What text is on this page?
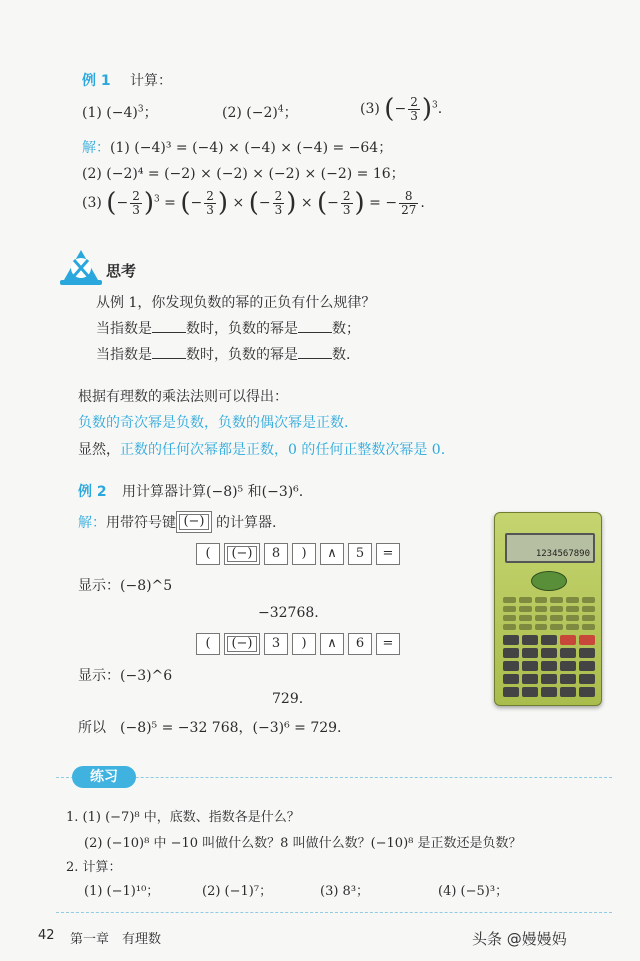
例 1 计算：
(1) $(-4)^3$；	(2) $(-2)^4$；	(3) (− $\frac{2}{3} )^3$.
解：(1) (−4)³ = (−4) × (−4) × (−4) = −64；
(2) (−2)⁴ = (−2) × (−2) × (−2) × (−2) = 16；
(3) (− $\frac{2}{3} )^3$ = (− $\frac{2}{3}$ ) × (− $\frac{2}{3}$ ) × (− $\frac{2}{3}$ ) = − $\frac{8}{27}$ .
思考
从例 1，你发现负数的幂的正负有什么规律？
当指数是 数时，负数的幂是 数；
当指数是 数时，负数的幂是 数.
根据有理数的乘法法则可以得出：
负数的奇次幂是负数，负数的偶次幂是正数.
显然，正数的任何次幂都是正数，0 的任何正整数次幂是 0.
例 2 用计算器计算(−8)⁵ 和(−3)⁶.
解： 用带符号键 (−) 的计算器.
(	(−)	8	)	∧	5	=
显示：(−8)^5
−32768.
(	(−)	3	)	∧	6	=
显示：(−3)^6
729.
所以　(−8)⁵ = −32 768，(−3)⁶ = 729.
1234567890
练习
1. (1) (−7)⁸ 中，底数、指数各是什么？
(2) (−10)⁸ 中 −10 叫做什么数？8 叫做什么数？(−10)⁸ 是正数还是负数？
2. 计算：
(1) (−1)¹⁰；	(2) (−1)⁷；	(3) 8³；	(4) (−5)³；
42 第一章　有理数	头条 @嫚嫚妈
